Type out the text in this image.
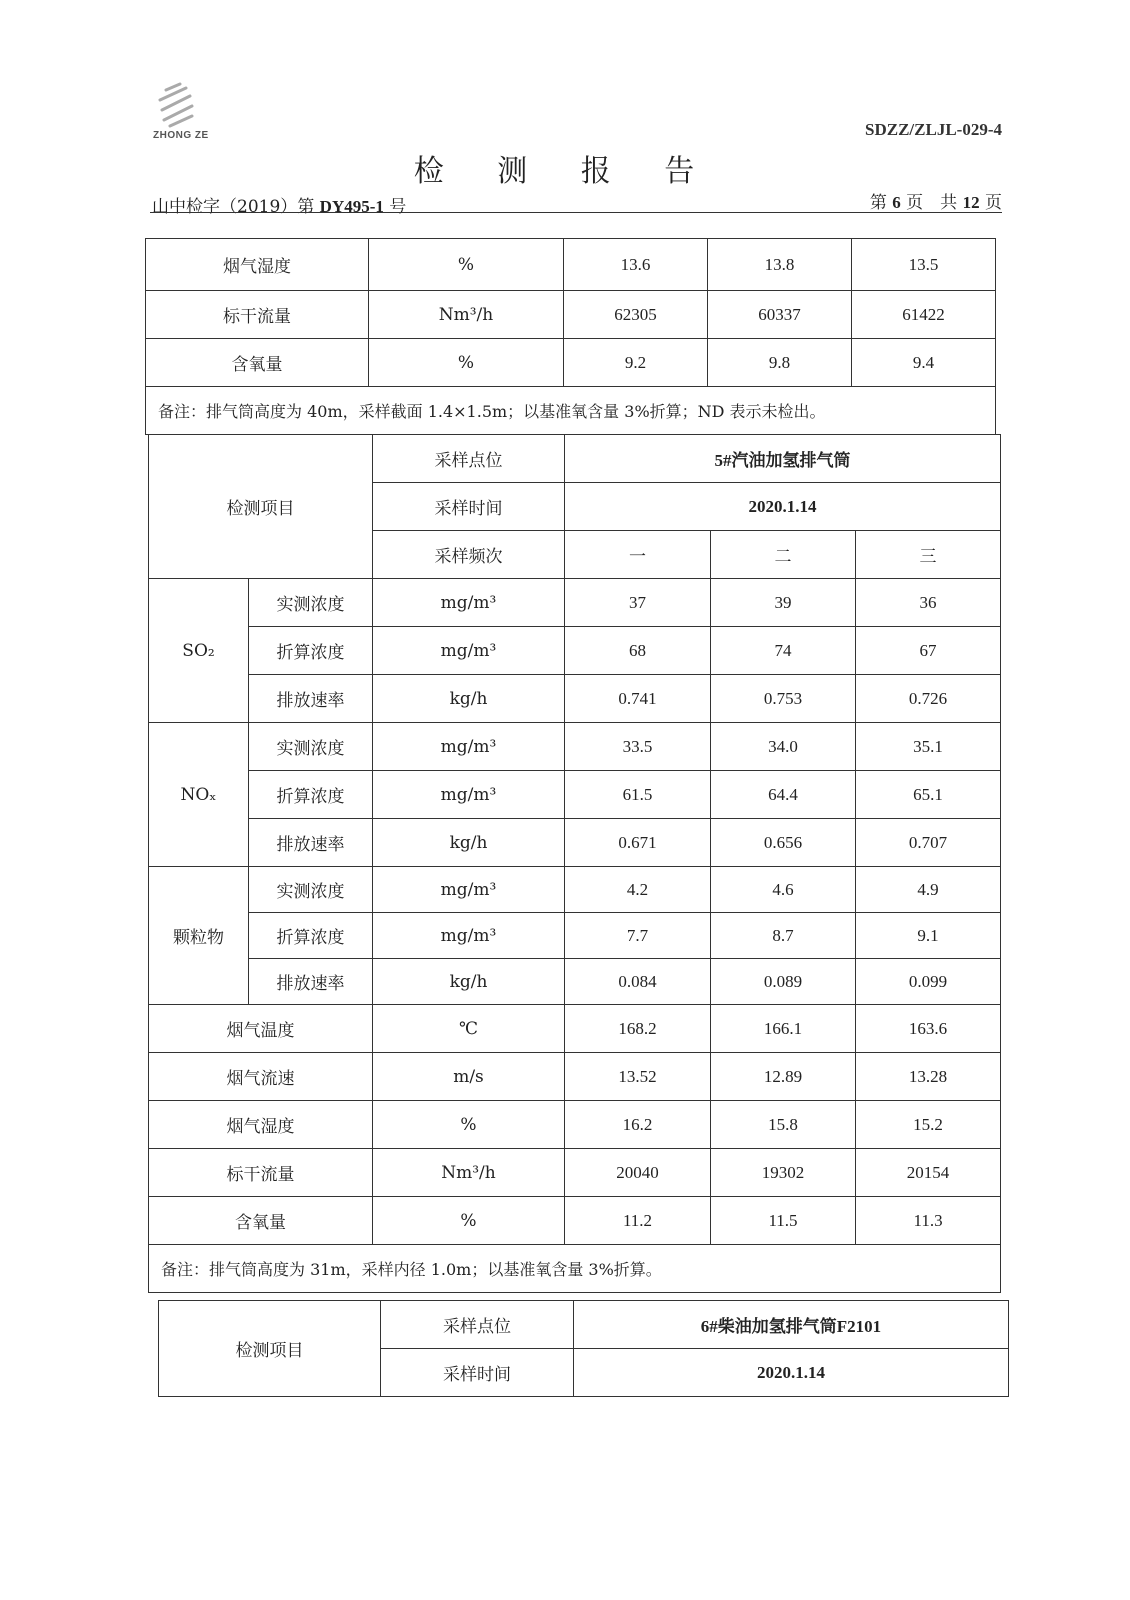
ZHONG ZE	SDZZ/ZLJL-029-4
检 测 报 告
山中检字（2019）第 DY495-1 号	第 6 页　共 12 页
烟气湿度	%	13.6	13.8	13.5
标干流量	Nm³/h	62305	60337	61422
含氧量	%	9.2	9.8	9.4
备注：排气筒高度为 40m，采样截面 1.4×1.5m；以基准氧含量 3%折算；ND 表示未检出。				
检测项目		采样点位	5#汽油加氢排气筒		
		采样时间	2020.1.14		
		采样频次	一	二	三
SO₂	实测浓度	mg/m³	37	39	36
	折算浓度	mg/m³	68	74	67
	排放速率	kg/h	0.741	0.753	0.726
NOₓ	实测浓度	mg/m³	33.5	34.0	35.1
	折算浓度	mg/m³	61.5	64.4	65.1
	排放速率	kg/h	0.671	0.656	0.707
颗粒物	实测浓度	mg/m³	4.2	4.6	4.9
	折算浓度	mg/m³	7.7	8.7	9.1
	排放速率	kg/h	0.084	0.089	0.099
烟气温度		℃	168.2	166.1	163.6
烟气流速		m/s	13.52	12.89	13.28
烟气湿度		%	16.2	15.8	15.2
标干流量		Nm³/h	20040	19302	20154
含氧量		%	11.2	11.5	11.3
备注：排气筒高度为 31m，采样内径 1.0m；以基准氧含量 3%折算。					
检测项目	采样点位	6#柴油加氢排气筒F2101
	采样时间	2020.1.14
